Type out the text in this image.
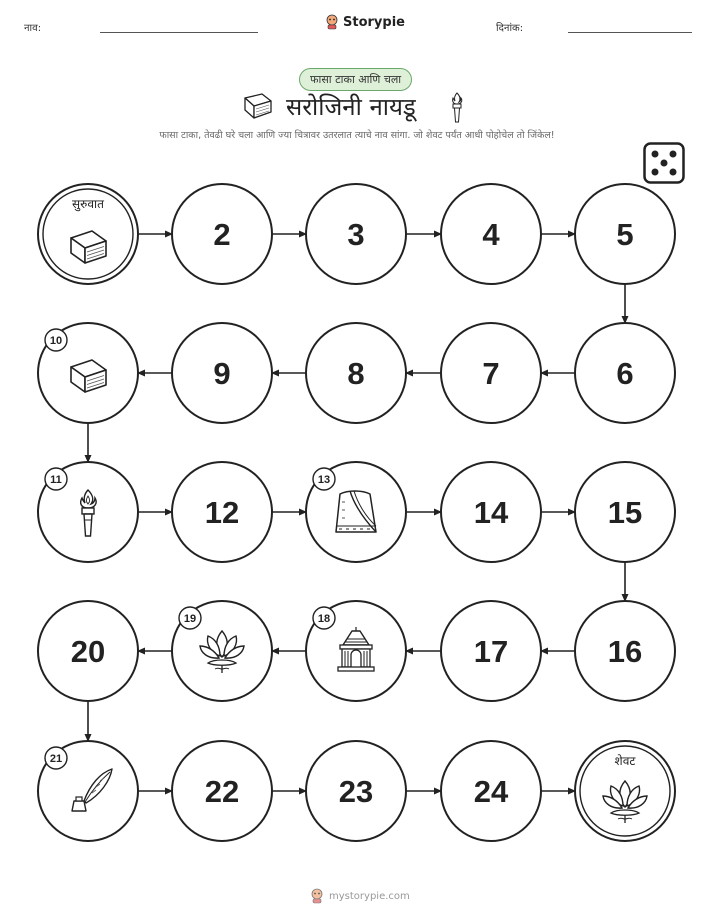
नाव:	Storypie	दिनांक:
फासा टाका आणि चला
सरोजिनी नायडू
फासा टाका, तेवढी घरे चला आणि ज्या चित्रावर उतरलात त्याचे नाव सांगा. जो शेवट पर्यंत आधी पोहोचेल तो जिंकेल!
सुरुवात
2	3	4	5
10
9	8	7	6
11
12
13
14	15
20
19	18
17	16
21
22	23	24
शेवट
mystorypie.com
